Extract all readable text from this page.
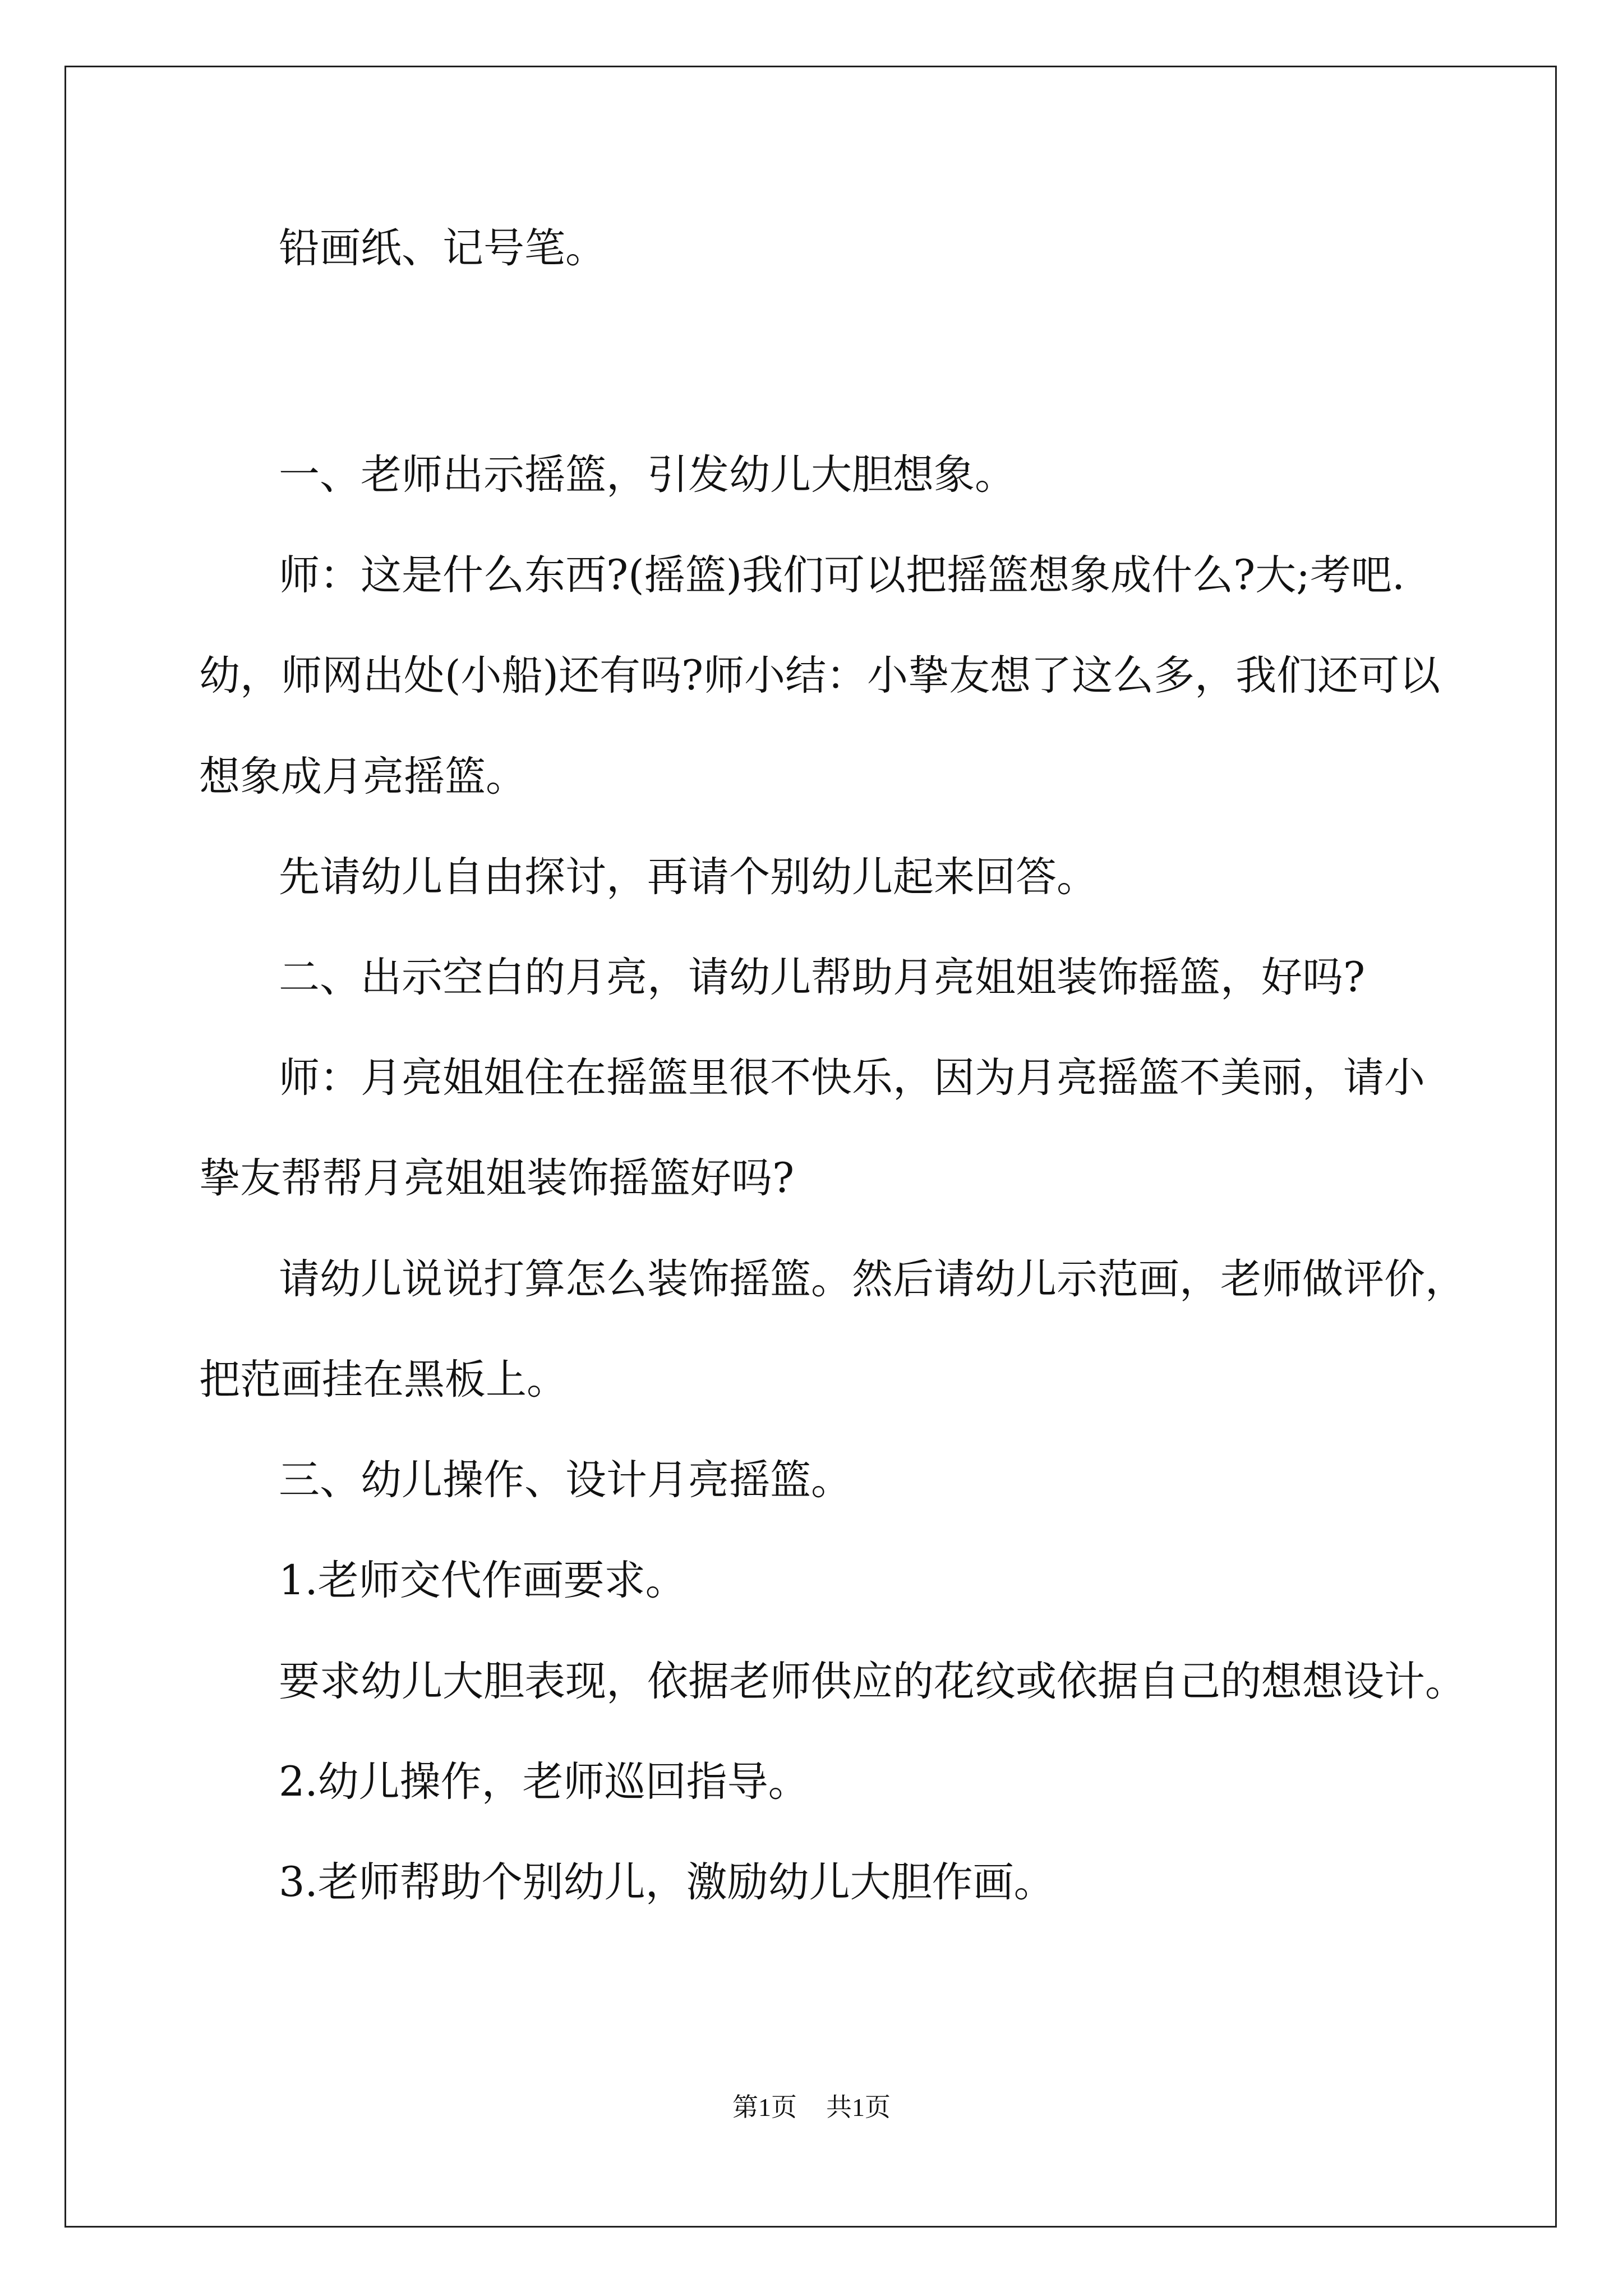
铅画纸、记号笔。

一、老师出示摇篮，引发幼儿大胆想象。

师：这是什么东西?(摇篮)我们可以把摇篮想象成什么?大;考吧.

幼，师网出处(小船)还有吗?师小结：小挚友想了这么多，我们还可以

想象成月亮摇篮。

先请幼儿自由探讨，再请个别幼儿起来回答。

二、出示空白的月亮，请幼儿帮助月亮姐姐装饰摇篮，好吗?

师：月亮姐姐住在摇篮里很不快乐，因为月亮摇篮不美丽，请小

挚友帮帮月亮姐姐装饰摇篮好吗?

请幼儿说说打算怎么装饰摇篮。然后请幼儿示范画，老师做评价，

把范画挂在黑板上。

三、幼儿操作、设计月亮摇篮。

1.老师交代作画要求。

要求幼儿大胆表现，依据老师供应的花纹或依据自己的想想设计。

2.幼儿操作，老师巡回指导。

3.老师帮助个别幼儿，激励幼儿大胆作画。

第1页 共1页
